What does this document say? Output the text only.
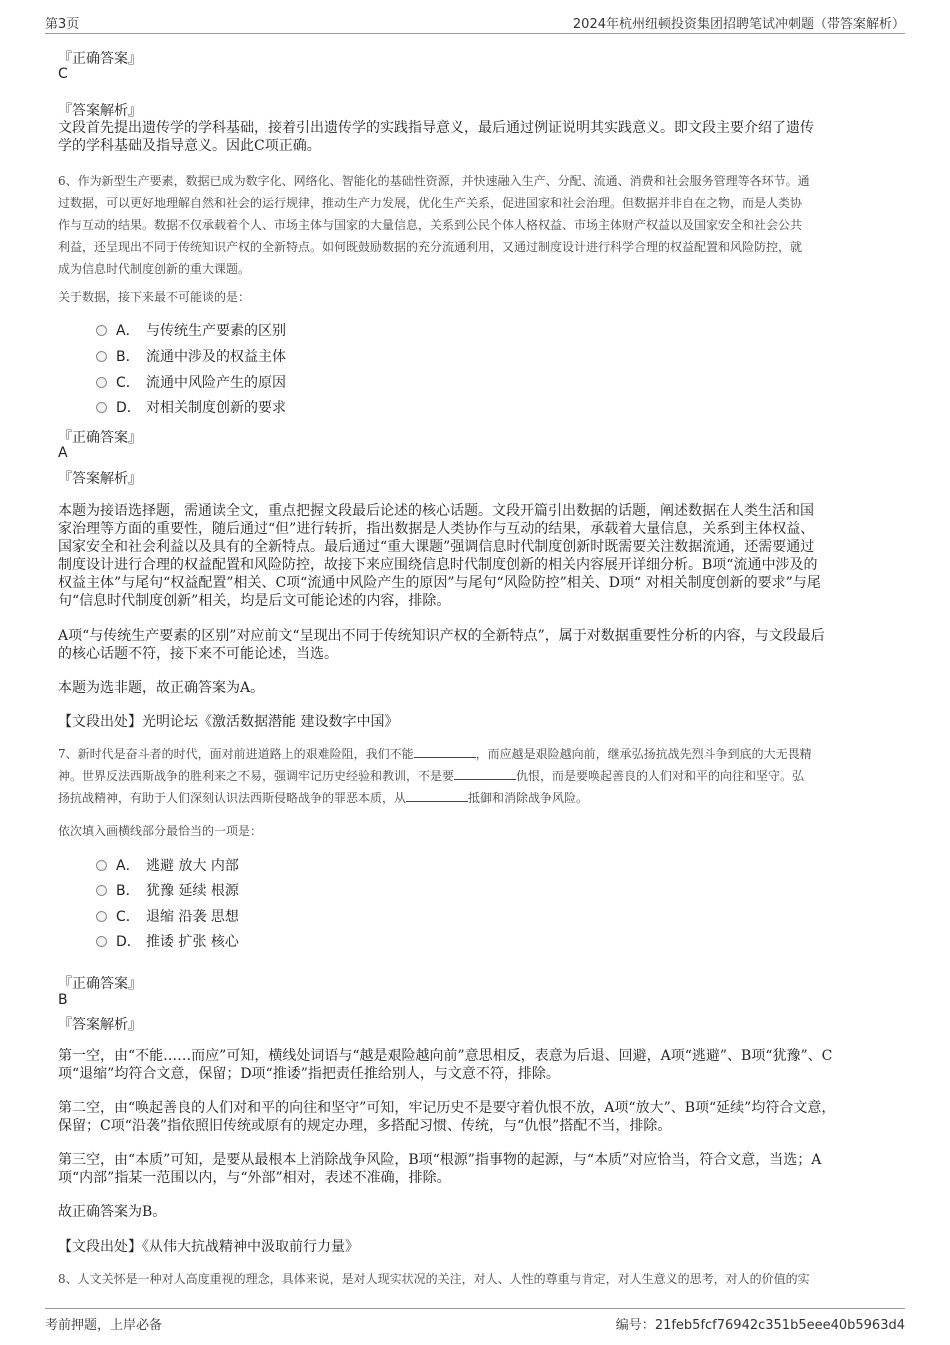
第3页	2024年杭州纽顿投资集团招聘笔试冲刺题（带答案解析）
『正确答案』
C
『答案解析』
文段首先提出遗传学的学科基础，接着引出遗传学的实践指导意义，最后通过例证说明其实践意义。即文段主要介绍了遗传
学的学科基础及指导意义。因此C项正确。
6、作为新型生产要素，数据已成为数字化、网络化、智能化的基础性资源，并快速融入生产、分配、流通、消费和社会服务管理等各环节。通
过数据，可以更好地理解自然和社会的运行规律，推动生产力发展，优化生产关系，促进国家和社会治理。但数据并非自在之物，而是人类协
作与互动的结果。数据不仅承载着个人、市场主体与国家的大量信息，关系到公民个体人格权益、市场主体财产权益以及国家安全和社会公共
利益，还呈现出不同于传统知识产权的全新特点。如何既鼓励数据的充分流通利用，又通过制度设计进行科学合理的权益配置和风险防控，就
成为信息时代制度创新的重大课题。
关于数据，接下来最不可能谈的是：
A． 与传统生产要素的区别
B． 流通中涉及的权益主体
C． 流通中风险产生的原因
D． 对相关制度创新的要求
『正确答案』
A
『答案解析』
本题为接语选择题，需通读全文，重点把握文段最后论述的核心话题。文段开篇引出数据的话题，阐述数据在人类生活和国
家治理等方面的重要性，随后通过“但”进行转折，指出数据是人类协作与互动的结果，承载着大量信息，关系到主体权益、
国家安全和社会利益以及具有的全新特点。最后通过“重大课题”强调信息时代制度创新时既需要关注数据流通，还需要通过
制度设计进行合理的权益配置和风险防控，故接下来应围绕信息时代制度创新的相关内容展开详细分析。B项“流通中涉及的
权益主体”与尾句“权益配置”相关、C项“流通中风险产生的原因”与尾句“风险防控”相关、D项“ 对相关制度创新的要求”与尾
句“信息时代制度创新”相关，均是后文可能论述的内容，排除。
A项“与传统生产要素的区别”对应前文“呈现出不同于传统知识产权的全新特点”，属于对数据重要性分析的内容，与文段最后
的核心话题不符，接下来不可能论述，当选。
本题为选非题，故正确答案为A。
【文段出处】光明论坛《激活数据潜能 建设数字中国》
7、新时代是奋斗者的时代，面对前进道路上的艰难险阻，我们不能	，而应越是艰险越向前，继承弘扬抗战先烈斗争到底的大无畏精
神。世界反法西斯战争的胜利来之不易，强调牢记历史经验和教训，不是要	仇恨，而是要唤起善良的人们对和平的向往和坚守。弘
扬抗战精神，有助于人们深刻认识法西斯侵略战争的罪恶本质，从	抵御和消除战争风险。
依次填入画横线部分最恰当的一项是：
A． 逃避 放大 内部
B． 犹豫 延续 根源
C． 退缩 沿袭 思想
D． 推诿 扩张 核心
『正确答案』
B
『答案解析』
第一空，由“不能……而应”可知，横线处词语与“越是艰险越向前”意思相反，表意为后退、回避，A项“逃避”、B项“犹豫”、C
项“退缩”均符合文意，保留；D项“推诿”指把责任推给别人，与文意不符，排除。
第二空，由“唤起善良的人们对和平的向往和坚守”可知，牢记历史不是要守着仇恨不放，A项“放大”、B项“延续”均符合文意，
保留；C项“沿袭”指依照旧传统或原有的规定办理，多搭配习惯、传统，与“仇恨”搭配不当，排除。
第三空，由“本质”可知，是要从最根本上消除战争风险，B项“根源”指事物的起源，与“本质”对应恰当，符合文意，当选；A
项“内部”指某一范围以内，与“外部”相对，表述不准确，排除。
故正确答案为B。
【文段出处】《从伟大抗战精神中汲取前行力量》
8、人文关怀是一种对人高度重视的理念，具体来说，是对人现实状况的关注，对人、人性的尊重与肯定，对人生意义的思考，对人的价值的实
考前押题，上岸必备	编号：21feb5fcf76942c351b5eee40b5963d4
